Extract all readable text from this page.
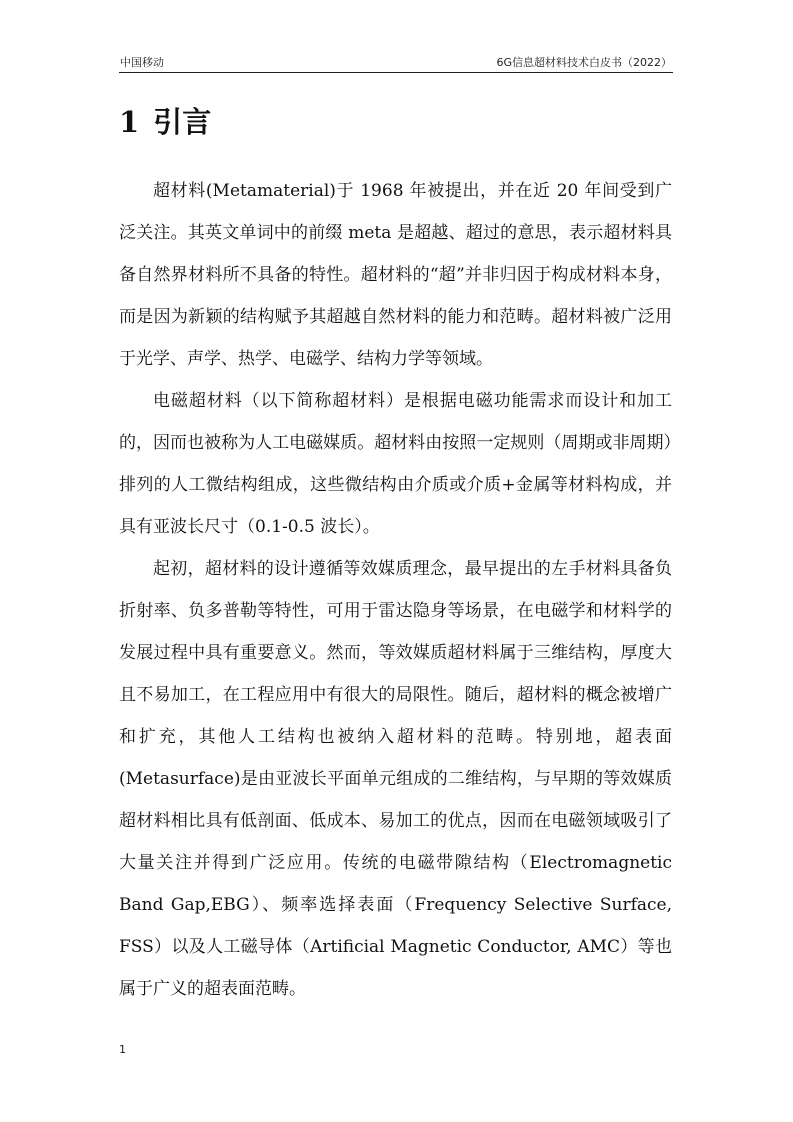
中国移动	6G信息超材料技术白皮书（2022）
1 引言

超材料(Metamaterial)于 1968 年被提出，并在近 20 年间受到广泛关注。其英文单词中的前缀 meta 是超越、超过的意思，表示超材料具备自然界材料所不具备的特性。超材料的“超”并非归因于构成材料本身，而是因为新颖的结构赋予其超越自然材料的能力和范畴。超材料被广泛用于光学、声学、热学、电磁学、结构力学等领域。

电磁超材料（以下简称超材料）是根据电磁功能需求而设计和加工的，因而也被称为人工电磁媒质。超材料由按照一定规则（周期或非周期）排列的人工微结构组成，这些微结构由介质或介质+金属等材料构成，并具有亚波长尺寸（0.1-0.5 波长）。

起初，超材料的设计遵循等效媒质理念，最早提出的左手材料具备负折射率、负多普勒等特性，可用于雷达隐身等场景，在电磁学和材料学的发展过程中具有重要意义。然而，等效媒质超材料属于三维结构，厚度大且不易加工，在工程应用中有很大的局限性。随后，超材料的概念被增广和扩充，其他人工结构也被纳入超材料的范畴。特别地，超表面(Metasurface)是由亚波长平面单元组成的二维结构，与早期的等效媒质超材料相比具有低剖面、低成本、易加工的优点，因而在电磁领域吸引了大量关注并得到广泛应用。传统的电磁带隙结构（Electromagnetic Band Gap,EBG）、频率选择表面（Frequency Selective Surface, FSS）以及人工磁导体（Artificial Magnetic Conductor, AMC）等也属于广义的超表面范畴。

1
